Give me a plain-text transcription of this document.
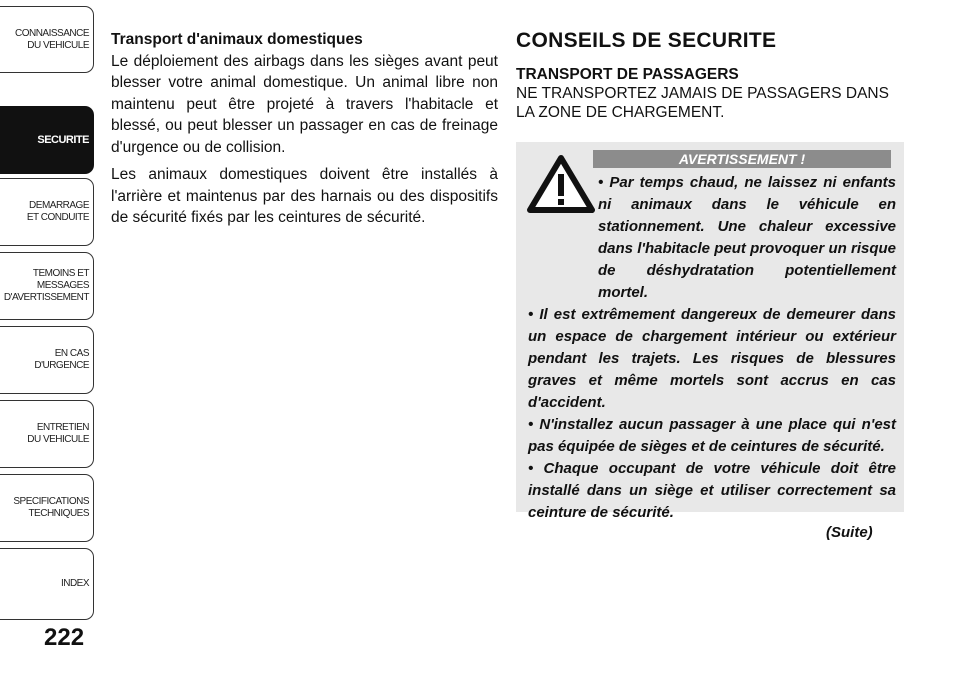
CONNAISSANCE
DU VEHICULE
SECURITE
DEMARRAGE
ET CONDUITE
TEMOINS ET
MESSAGES
D'AVERTISSEMENT
EN CAS
D'URGENCE
ENTRETIEN
DU VEHICULE
SPECIFICATIONS
TECHNIQUES
INDEX
222
Transport d'animaux domestiques

Le déploiement des airbags dans les sièges avant peut blesser votre animal domestique. Un animal libre non maintenu peut être projeté à travers l'habitacle et blessé, ou peut blesser un passager en cas de freinage d'urgence ou de collision.

Les animaux domestiques doivent être installés à l'arrière et maintenus par des harnais ou des dispositifs de sécurité fixés par les ceintures de sécurité.

CONSEILS DE SECURITE
TRANSPORT DE PASSAGERS

NE TRANSPORTEZ JAMAIS DE PASSAGERS DANS LA ZONE DE CHARGEMENT.

AVERTISSEMENT !

• Par temps chaud, ne laissez ni enfants ni animaux dans le véhicule en stationnement. Une chaleur excessive dans l'habitacle peut provoquer un risque de déshydratation potentiellement mortel.

• Il est extrêmement dangereux de demeurer dans un espace de chargement intérieur ou extérieur pendant les trajets. Les risques de blessures graves et même mortels sont accrus en cas d'accident.

• N'installez aucun passager à une place qui n'est pas équipée de sièges et de ceintures de sécurité.

• Chaque occupant de votre véhicule doit être installé dans un siège et utiliser correctement sa ceinture de sécurité.

(Suite)
